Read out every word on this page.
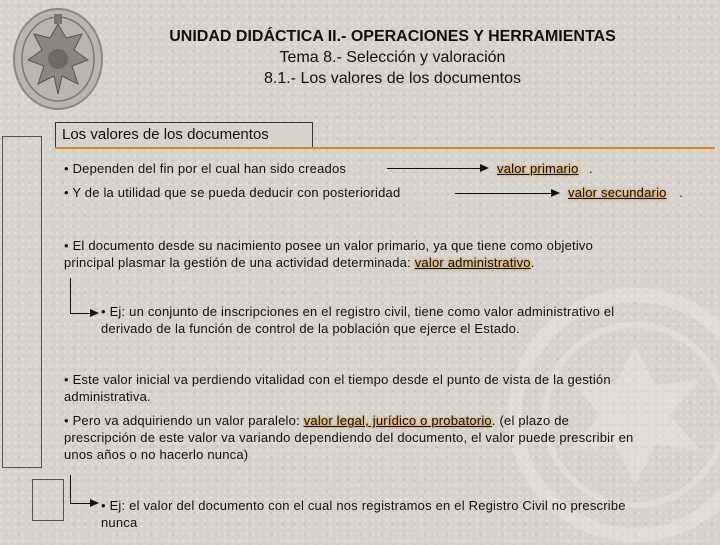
UNIDAD DIDÁCTICA II.- OPERACIONES Y HERRAMIENTAS
Tema 8.- Selección y valoración
8.1.- Los valores de los documentos
Los valores de los documentos
• Dependen del fin por el cual han sido creados	valor primario .
• Y de la utilidad que se pueda deducir con posterioridad	valor secundario .
• El documento desde su nacimiento posee un valor primario, ya que tiene como objetivo
principal plasmar la gestión de una actividad determinada: valor administrativo.
• Ej: un conjunto de inscripciones en el registro civil, tiene como valor administrativo el
derivado de la función de control de la población que ejerce el Estado.
• Este valor inicial va perdiendo vitalidad con el tiempo desde el punto de vista de la gestión
administrativa.
• Pero va adquiriendo un valor paralelo: valor legal, jurídico o probatorio. (el plazo de
prescripción de este valor va variando dependiendo del documento, el valor puede prescribir en
unos años o no hacerlo nunca)
• Ej: el valor del documento con el cual nos registramos en el Registro Civil no prescribe
nunca
